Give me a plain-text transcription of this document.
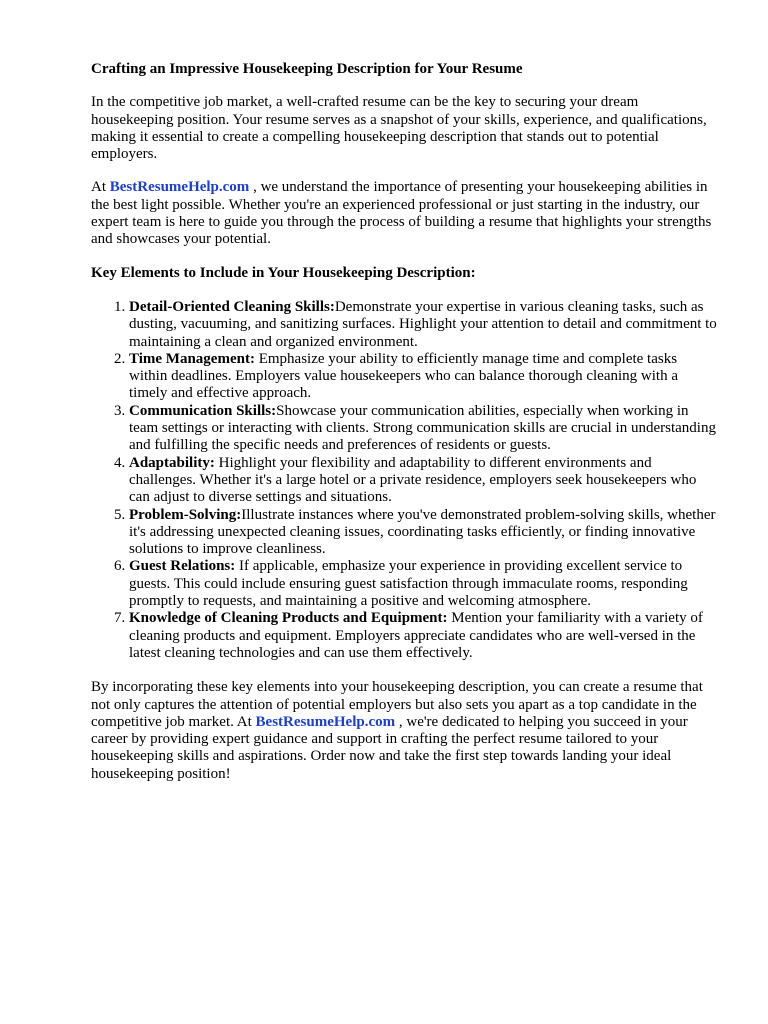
Crafting an Impressive Housekeeping Description for Your Resume

In the competitive job market, a well-crafted resume can be the key to securing your dream housekeeping position. Your resume serves as a snapshot of your skills, experience, and qualifications, making it essential to create a compelling housekeeping description that stands out to potential employers.

At BestResumeHelp.com , we understand the importance of presenting your housekeeping abilities in the best light possible. Whether you're an experienced professional or just starting in the industry, our expert team is here to guide you through the process of building a resume that highlights your strengths and showcases your potential.

Key Elements to Include in Your Housekeeping Description:
1. Detail-Oriented Cleaning Skills:Demonstrate your expertise in various cleaning tasks, such as dusting, vacuuming, and sanitizing surfaces. Highlight your attention to detail and commitment to maintaining a clean and organized environment.
2. Time Management: Emphasize your ability to efficiently manage time and complete tasks within deadlines. Employers value housekeepers who can balance thorough cleaning with a timely and effective approach.
3. Communication Skills:Showcase your communication abilities, especially when working in team settings or interacting with clients. Strong communication skills are crucial in understanding and fulfilling the specific needs and preferences of residents or guests.
4. Adaptability: Highlight your flexibility and adaptability to different environments and challenges. Whether it's a large hotel or a private residence, employers seek housekeepers who can adjust to diverse settings and situations.
5. Problem-Solving:Illustrate instances where you've demonstrated problem-solving skills, whether it's addressing unexpected cleaning issues, coordinating tasks efficiently, or finding innovative solutions to improve cleanliness.
6. Guest Relations: If applicable, emphasize your experience in providing excellent service to guests. This could include ensuring guest satisfaction through immaculate rooms, responding promptly to requests, and maintaining a positive and welcoming atmosphere.
7. Knowledge of Cleaning Products and Equipment: Mention your familiarity with a variety of cleaning products and equipment. Employers appreciate candidates who are well-versed in the latest cleaning technologies and can use them effectively.

By incorporating these key elements into your housekeeping description, you can create a resume that not only captures the attention of potential employers but also sets you apart as a top candidate in the competitive job market. At BestResumeHelp.com , we're dedicated to helping you succeed in your career by providing expert guidance and support in crafting the perfect resume tailored to your housekeeping skills and aspirations. Order now and take the first step towards landing your ideal housekeeping position!
